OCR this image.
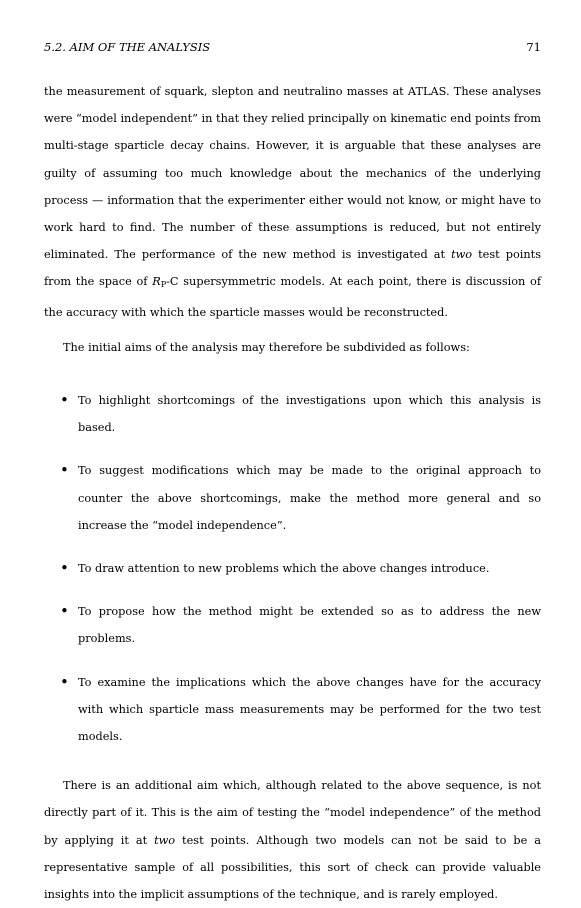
5.2. AIM OF THE ANALYSIS	71

the measurement of squark, slepton and neutralino masses at ATLAS. These analyses were “model independent” in that they relied principally on kinematic end points from multi-stage sparticle decay chains. However, it is arguable that these analyses are guilty of assuming too much knowledge about the mechanics of the underlying process — information that the experimenter either would not know, or might have to work hard to find. The number of these assumptions is reduced, but not entirely eliminated. The performance of the new method is investigated at two test points from the space of $R_P-C$ supersymmetric models. At each point, there is discussion of the accuracy with which the sparticle masses would be reconstructed.

The initial aims of the analysis may therefore be subdivided as follows:

• To highlight shortcomings of the investigations upon which this analysis is based.
• To suggest modifications which may be made to the original approach to counter the above shortcomings, make the method more general and so increase the “model independence”.
• To draw attention to new problems which the above changes introduce.
• To propose how the method might be extended so as to address the new problems.
• To examine the implications which the above changes have for the accuracy with which sparticle mass measurements may be performed for the two test models.

There is an additional aim which, although related to the above sequence, is not directly part of it. This is the aim of testing the “model independence” of the method by applying it at two test points. Although two models can not be said to be a representative sample of all possibilities, this sort of check can provide valuable insights into the implicit assumptions of the technique, and is rarely employed.
